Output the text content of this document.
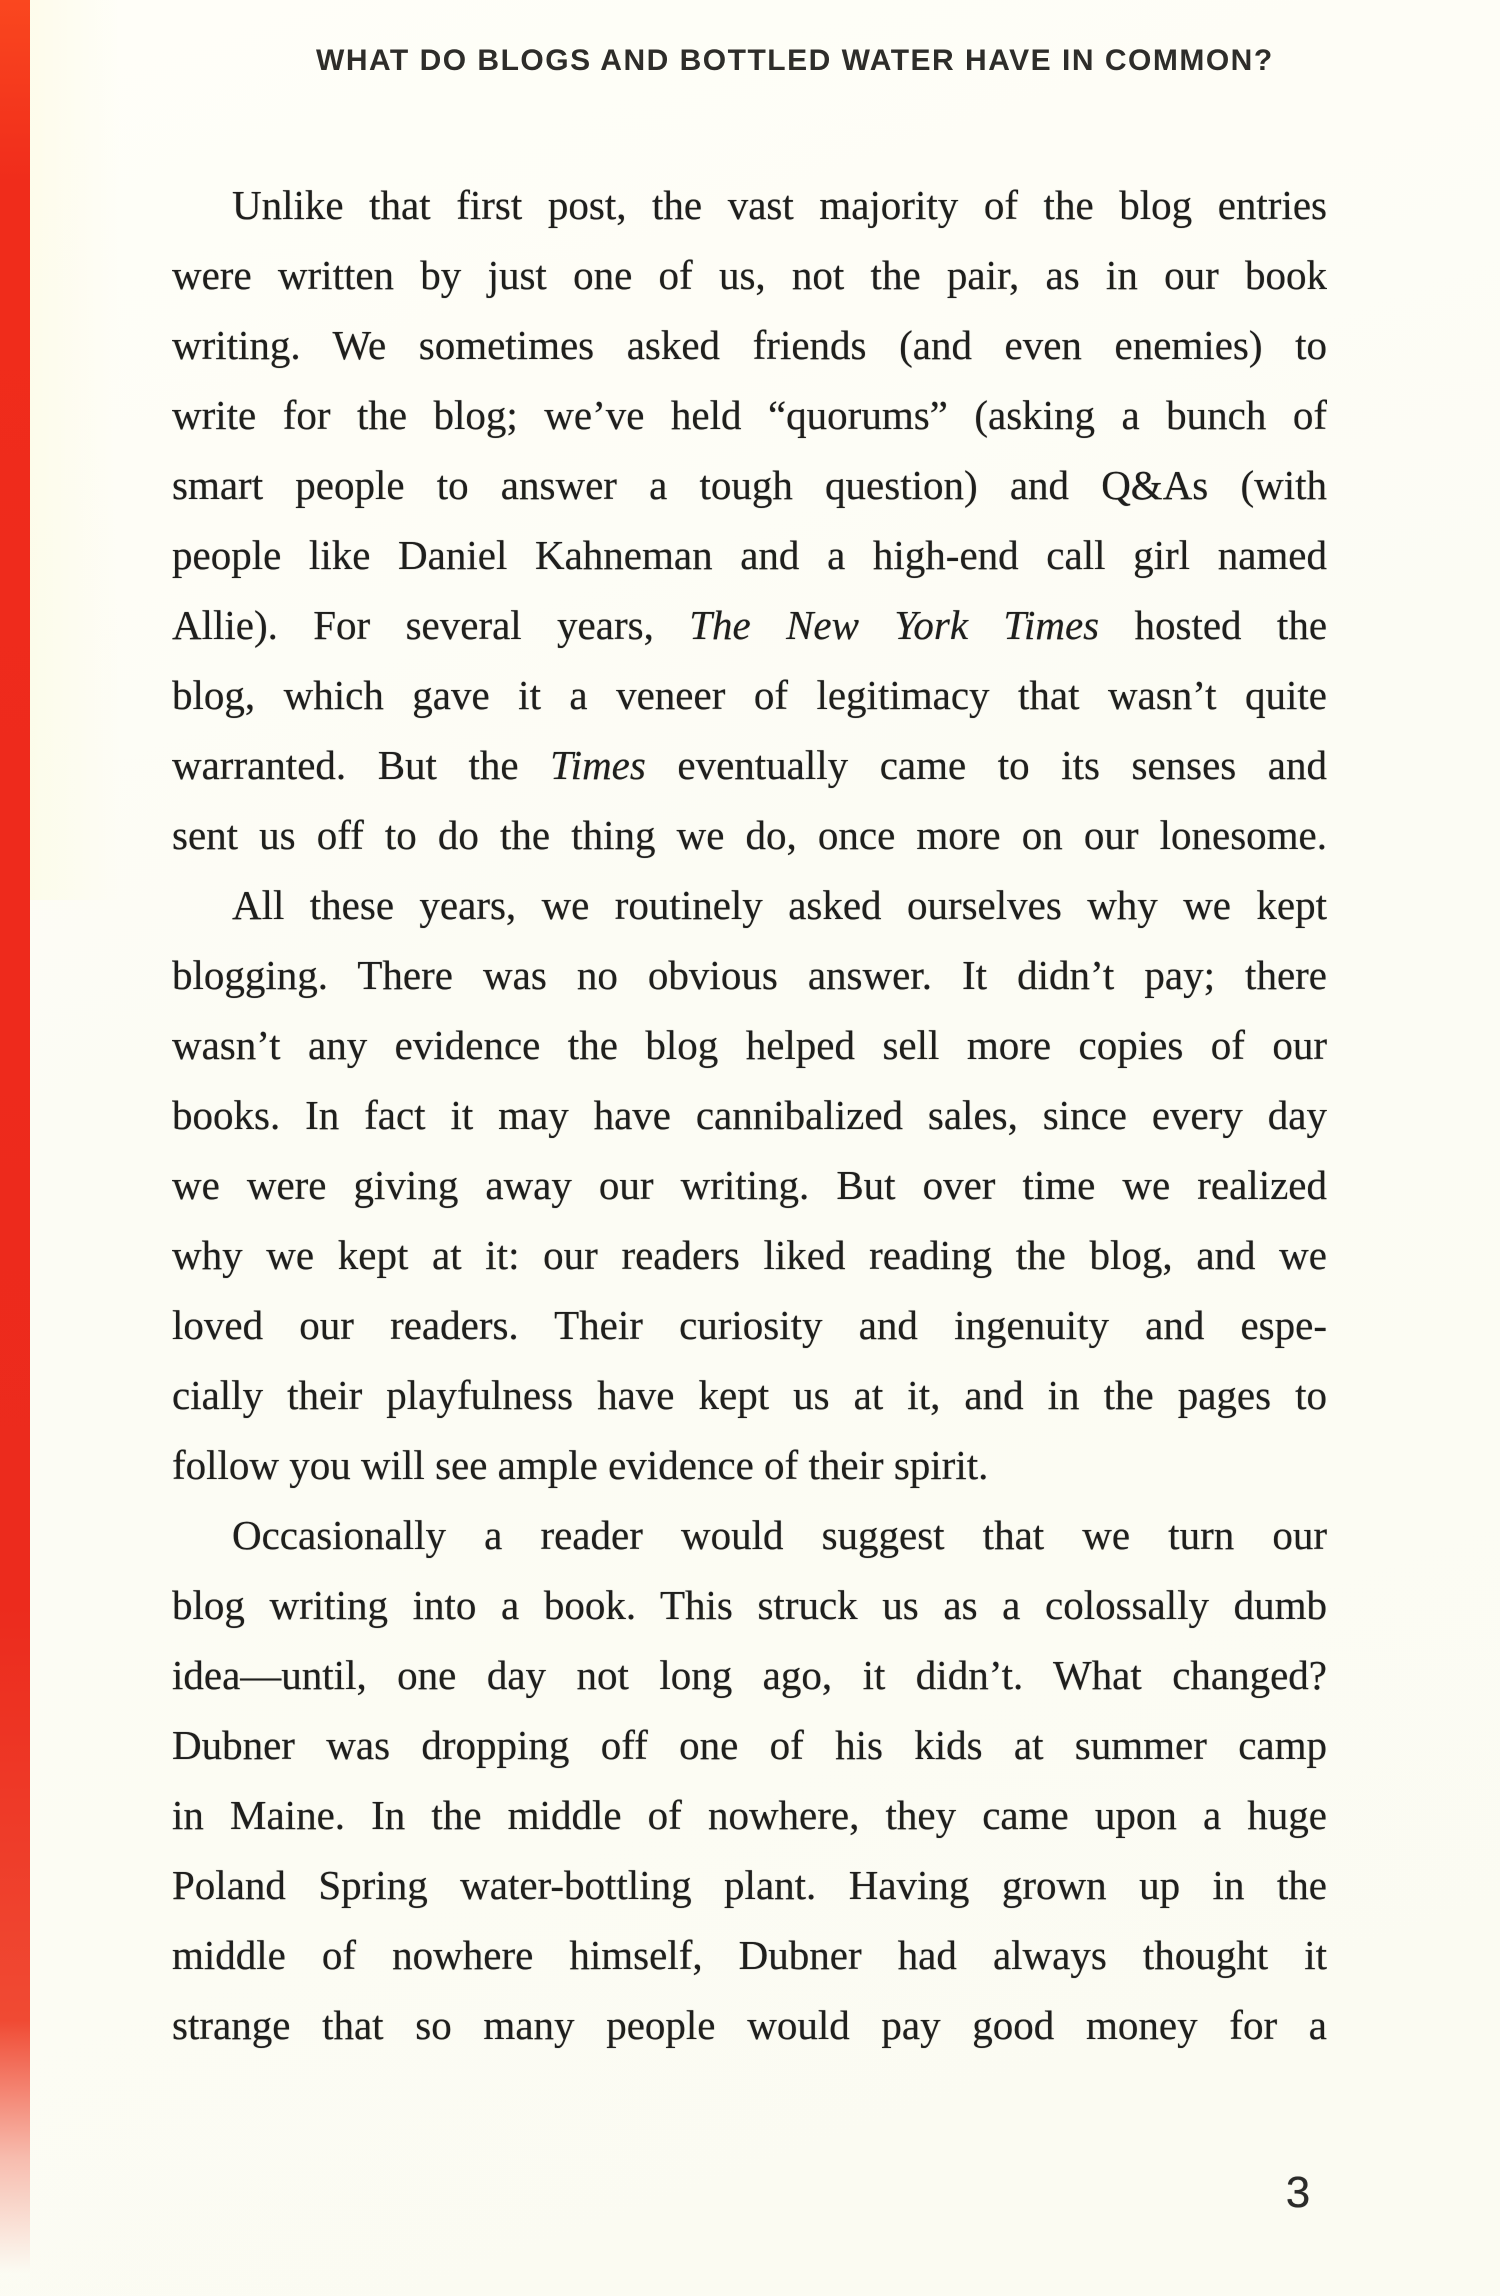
WHAT DO BLOGS AND BOTTLED WATER HAVE IN COMMON?
Unlike that first post, the vast majority of the blog entries
were written by just one of us, not the pair, as in our book
writing. We sometimes asked friends (and even enemies) to
write for the blog; we’ve held “quorums” (asking a bunch of
smart people to answer a tough question) and Q&As (with
people like Daniel Kahneman and a high-end call girl named
Allie). For several years, The New York Times hosted the
blog, which gave it a veneer of legitimacy that wasn’t quite
warranted. But the Times eventually came to its senses and
sent us off to do the thing we do, once more on our lonesome.
All these years, we routinely asked ourselves why we kept
blogging. There was no obvious answer. It didn’t pay; there
wasn’t any evidence the blog helped sell more copies of our
books. In fact it may have cannibalized sales, since every day
we were giving away our writing. But over time we realized
why we kept at it: our readers liked reading the blog, and we
loved our readers. Their curiosity and ingenuity and espe-
cially their playfulness have kept us at it, and in the pages to
follow you will see ample evidence of their spirit.
Occasionally a reader would suggest that we turn our
blog writing into a book. This struck us as a colossally dumb
idea—until, one day not long ago, it didn’t. What changed?
Dubner was dropping off one of his kids at summer camp
in Maine. In the middle of nowhere, they came upon a huge
Poland Spring water-bottling plant. Having grown up in the
middle of nowhere himself, Dubner had always thought it
strange that so many people would pay good money for a
3
